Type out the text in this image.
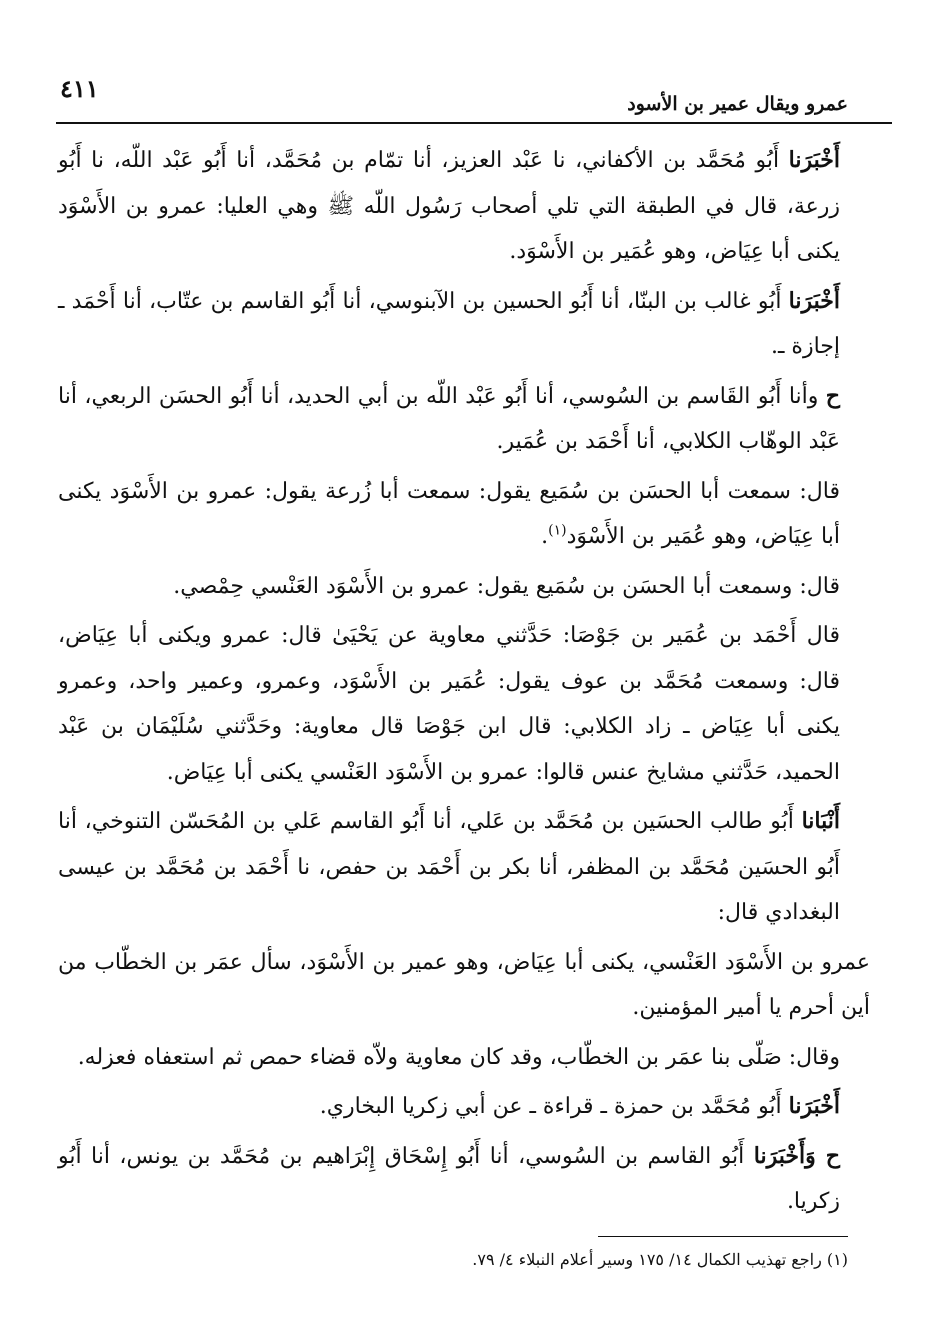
٤١١
عمرو ويقال عمير بن الأسود

أَخْبَرَنا أَبُو مُحَمَّد بن الأكفاني، نا عَبْد العزيز، أنا تمّام بن مُحَمَّد، أنا أَبُو عَبْد اللّه، نا أَبُو زرعة، قال في الطبقة التي تلي أصحاب رَسُول اللّه ﷺ وهي العليا: عمرو بن الأَسْوَد يكنى أبا عِيَاض، وهو عُمَير بن الأَسْوَد.

أَخْبَرَنا أَبُو غالب بن البنّا، أنا أَبُو الحسين بن الآبنوسي، أنا أَبُو القاسم بن عتّاب، أنا أَحْمَد ـ إجازة ـ.

ح وأنا أَبُو القَاسم بن السُوسي، أنا أَبُو عَبْد اللّه بن أبي الحديد، أنا أَبُو الحسَن الربعي، أنا عَبْد الوهّاب الكلابي، أنا أَحْمَد بن عُمَير.

قال: سمعت أبا الحسَن بن سُمَيع يقول: سمعت أبا زُرعة يقول: عمرو بن الأَسْوَد يكنى أبا عِيَاض، وهو عُمَير بن الأَسْوَد$^{(١)}$.

قال: وسمعت أبا الحسَن بن سُمَيع يقول: عمرو بن الأَسْوَد العَنْسي حِمْصي.

قال أَحْمَد بن عُمَير بن جَوْصَا: حَدَّثني معاوية عن يَحْيَىٰ قال: عمرو ويكنى أبا عِيَاض، قال: وسمعت مُحَمَّد بن عوف يقول: عُمَير بن الأَسْوَد، وعمرو، وعمير واحد، وعمرو يكنى أبا عِيَاض ـ زاد الكلابي: قال ابن جَوْصَا قال معاوية: وحَدَّثني سُلَيْمَان بن عَبْد الحميد، حَدَّثني مشايخ عنس قالوا: عمرو بن الأَسْوَد العَنْسي يكنى أبا عِيَاض.

أَنْبَانا أَبُو طالب الحسَين بن مُحَمَّد بن عَلي، أنا أَبُو القاسم عَلي بن المُحَسّن التنوخي، أنا أَبُو الحسَين مُحَمَّد بن المظفر، أنا بكر بن أَحْمَد بن حفص، نا أَحْمَد بن مُحَمَّد بن عيسى البغدادي قال:

عمرو بن الأَسْوَد العَنْسي، يكنى أبا عِيَاض، وهو عمير بن الأَسْوَد، سأل عمَر بن الخطّاب من أين أحرم يا أمير المؤمنين.

وقال: صَلّى بنا عمَر بن الخطّاب، وقد كان معاوية ولاّه قضاء حمص ثم استعفاه فعزله.

أَخْبَرَنا أَبُو مُحَمَّد بن حمزة ـ قراءة ـ عن أبي زكريا البخاري.

ح وَأَخْبَرَنا أَبُو القاسم بن السُوسي، أنا أَبُو إِسْحَاق إِبْرَاهيم بن مُحَمَّد بن يونس، أنا أَبُو زكريا.

(١) راجع تهذيب الكمال ١٤/ ١٧٥ وسير أعلام النبلاء ٤/ ٧٩.
